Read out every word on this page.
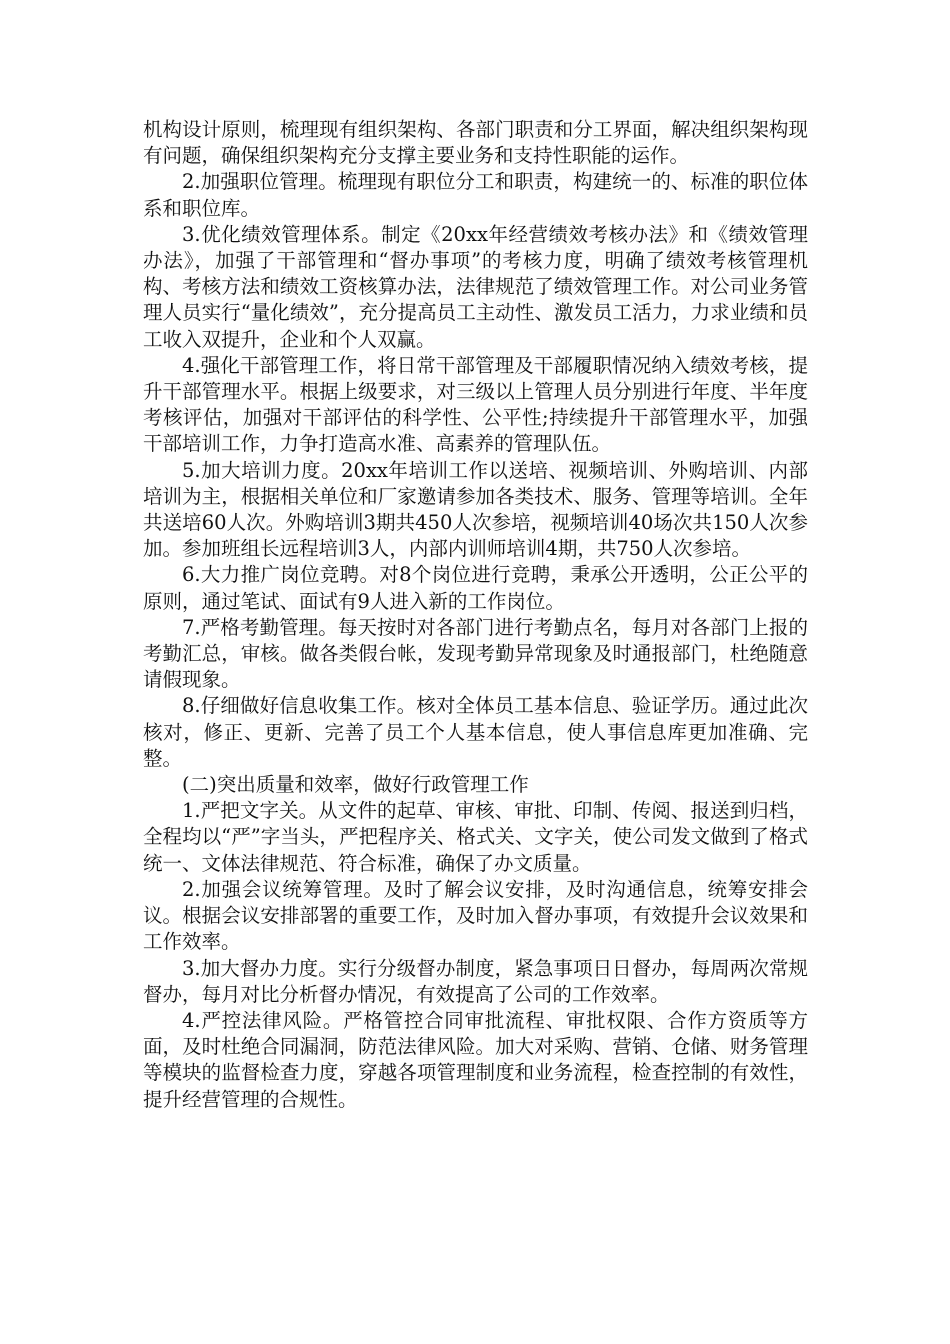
机构设计原则，梳理现有组织架构、各部门职责和分工界面，解决组织架构现有问题，确保组织架构充分支撑主要业务和支持性职能的运作。

2.加强职位管理。梳理现有职位分工和职责，构建统一的、标准的职位体系和职位库。

3.优化绩效管理体系。制定《20xx年经营绩效考核办法》和《绩效管理办法》，加强了干部管理和“督办事项”的考核力度，明确了绩效考核管理机构、考核方法和绩效工资核算办法，法律规范了绩效管理工作。对公司业务管理人员实行“量化绩效”，充分提高员工主动性、激发员工活力，力求业绩和员工收入双提升，企业和个人双赢。

4.强化干部管理工作，将日常干部管理及干部履职情况纳入绩效考核，提升干部管理水平。根据上级要求，对三级以上管理人员分别进行年度、半年度考核评估，加强对干部评估的科学性、公平性;持续提升干部管理水平，加强干部培训工作，力争打造高水准、高素养的管理队伍。

5.加大培训力度。20xx年培训工作以送培、视频培训、外购培训、内部培训为主，根据相关单位和厂家邀请参加各类技术、服务、管理等培训。全年共送培60人次。外购培训3期共450人次参培，视频培训40场次共150人次参加。参加班组长远程培训3人，内部内训师培训4期，共750人次参培。

6.大力推广岗位竞聘。对8个岗位进行竞聘，秉承公开透明，公正公平的原则，通过笔试、面试有9人进入新的工作岗位。

7.严格考勤管理。每天按时对各部门进行考勤点名，每月对各部门上报的考勤汇总，审核。做各类假台帐，发现考勤异常现象及时通报部门，杜绝随意请假现象。

8.仔细做好信息收集工作。核对全体员工基本信息、验证学历。通过此次核对，修正、更新、完善了员工个人基本信息，使人事信息库更加准确、完整。

(二)突出质量和效率，做好行政管理工作

1.严把文字关。从文件的起草、审核、审批、印制、传阅、报送到归档，全程均以“严”字当头，严把程序关、格式关、文字关，使公司发文做到了格式统一、文体法律规范、符合标准，确保了办文质量。

2.加强会议统筹管理。及时了解会议安排，及时沟通信息，统筹安排会议。根据会议安排部署的重要工作，及时加入督办事项，有效提升会议效果和工作效率。

3.加大督办力度。实行分级督办制度，紧急事项日日督办，每周两次常规督办，每月对比分析督办情况，有效提高了公司的工作效率。

4.严控法律风险。严格管控合同审批流程、审批权限、合作方资质等方面，及时杜绝合同漏洞，防范法律风险。加大对采购、营销、仓储、财务管理等模块的监督检查力度，穿越各项管理制度和业务流程，检查控制的有效性，提升经营管理的合规性。
